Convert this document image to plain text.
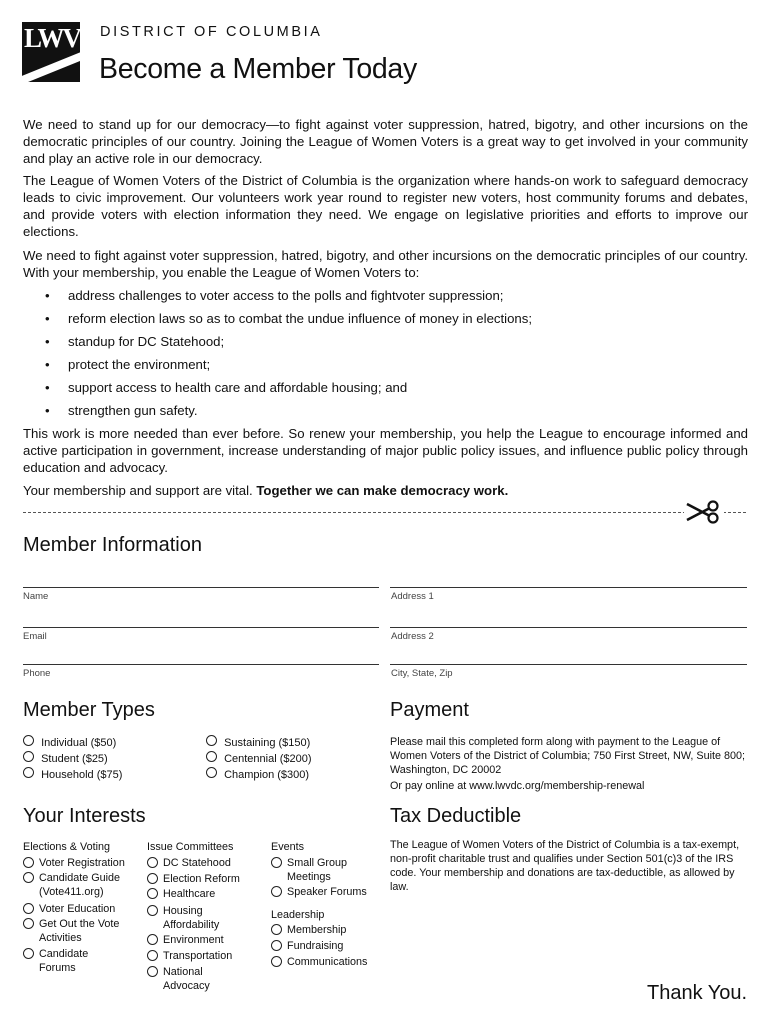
LWV DISTRICT OF COLUMBIA
Become a Member Today
We need to stand up for our democracy—to fight against voter suppression, hatred, bigotry, and other incursions on the democratic principles of our country. Joining the League of Women Voters is a great way to get involved in your community and play an active role in our democracy.
The League of Women Voters of the District of Columbia is the organization where hands-on work to safeguard democracy leads to civic improvement. Our volunteers work year round to register new voters, host community forums and debates, and provide voters with election information they need. We engage on legislative priorities and efforts to improve our elections.
We need to fight against voter suppression, hatred, bigotry, and other incursions on the democratic principles of our country. With your membership, you enable the League of Women Voters to:
• address challenges to voter access to the polls and fightvoter suppression;
• reform election laws so as to combat the undue influence of money in elections;
• standup for DC Statehood;
• protect the environment;
• support access to health care and affordable housing; and
• strengthen gun safety.
This work is more needed than ever before. So renew your membership, you help the League to encourage informed and active participation in government, increase understanding of major public policy issues, and influence public policy through education and advocacy.
Your membership and support are vital. Together we can make democracy work.
Member Information
Name	Address 1
Email	Address 2
Phone	City, State, Zip
Member Types
Individual ($50)
Student ($25)
Household ($75)
Sustaining ($150)
Centennial ($200)
Champion ($300)
Payment
Please mail this completed form along with payment to the League of Women Voters of the District of Columbia; 750 First Street, NW, Suite 800; Washington, DC 20002
Or pay online at www.lwvdc.org/membership-renewal
Your Interests
Elections & Voting
Voter Registration
Candidate Guide (Vote411.org)
Voter Education
Get Out the Vote Activities
Candidate Forums
Issue Committees
DC Statehood
Election Reform
Healthcare
Housing Affordability
Environment
Transportation
National Advocacy
Events
Small Group Meetings
Speaker Forums
Leadership
Membership
Fundraising
Communications
Tax Deductible
The League of Women Voters of the District of Columbia is a tax-exempt, non-profit charitable trust and qualifies under Section 501(c)3 of the IRS code. Your membership and donations are tax-deductible, as allowed by law.
Thank You.
